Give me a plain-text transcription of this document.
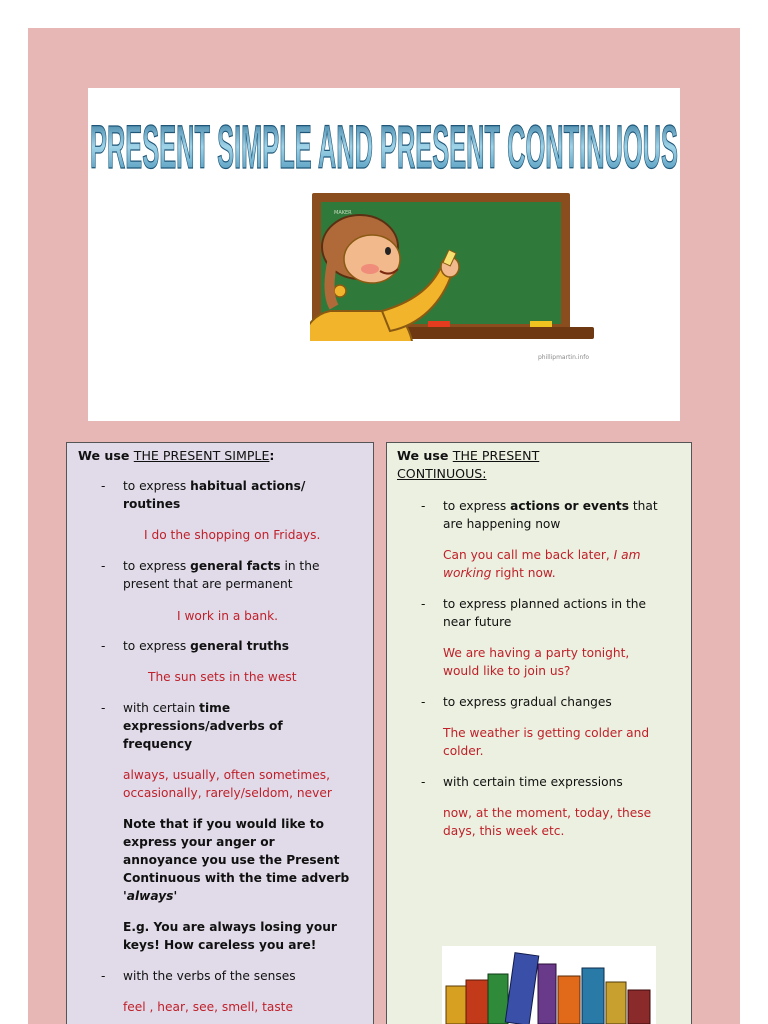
PRESENT SIMPLE AND PRESENT CONTINUOUS
MAKER
phillipmartin.info
We use THE PRESENT SIMPLE:
- to express habitual actions/
routines
I do the shopping on Fridays.
- to express general facts in the
present that are permanent
I work in a bank.
- to express general truths
The sun sets in the west
- with certain time
expressions/adverbs of
frequency
always, usually, often sometimes,
occasionally, rarely/seldom, never
Note that if you would like to
express your anger or
annoyance you use the Present
Continuous with the time adverb
'always'
E.g. You are always losing your
keys! How careless you are!
- with the verbs of the senses
feel , hear, see, smell, taste
We use THE PRESENT
CONTINUOUS:
- to express actions or events that
are happening now
Can you call me back later, I am
working right now.
- to express planned actions in the
near future
We are having a party tonight,
would like to join us?
- to express gradual changes
The weather is getting colder and
colder.
- with certain time expressions
now, at the moment, today, these
days, this week etc.
